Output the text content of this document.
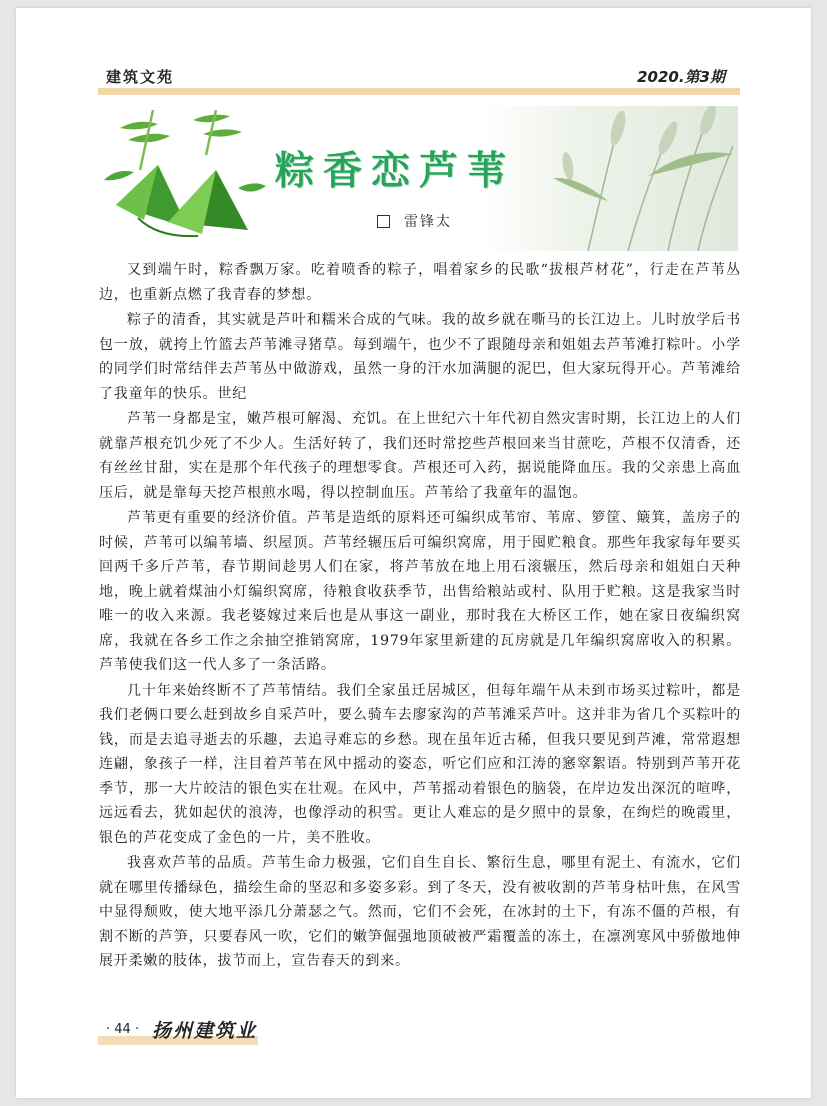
建筑文苑	2020.第3期
粽香恋芦苇
雷锋太

又到端午时，粽香飘万家。吃着喷香的粽子，唱着家乡的民歌“拔根芦材花”，行走在芦苇丛边，也重新点燃了我青春的梦想。

粽子的清香，其实就是芦叶和糯米合成的气味。我的故乡就在嘶马的长江边上。儿时放学后书包一放，就挎上竹篮去芦苇滩寻猪草。每到端午，也少不了跟随母亲和姐姐去芦苇滩打粽叶。小学的同学们时常结伴去芦苇丛中做游戏，虽然一身的汗水加满腿的泥巴，但大家玩得开心。芦苇滩给了我童年的快乐。世纪

芦苇一身都是宝，嫩芦根可解渴、充饥。在上世纪六十年代初自然灾害时期，长江边上的人们就靠芦根充饥少死了不少人。生活好转了，我们还时常挖些芦根回来当甘蔗吃，芦根不仅清香，还有丝丝甘甜，实在是那个年代孩子的理想零食。芦根还可入药，据说能降血压。我的父亲患上高血压后，就是靠每天挖芦根煎水喝，得以控制血压。芦苇给了我童年的温饱。

芦苇更有重要的经济价值。芦苇是造纸的原料还可编织成苇帘、苇席、箩筐、簸箕，盖房子的时候，芦苇可以编苇墙、织屋顶。芦苇经辗压后可编织窝席，用于囤贮粮食。那些年我家每年要买回两千多斤芦苇，春节期间趁男人们在家，将芦苇放在地上用石滚辗压，然后母亲和姐姐白天种地，晚上就着煤油小灯编织窝席，待粮食收获季节，出售给粮站或村、队用于贮粮。这是我家当时唯一的收入来源。我老婆嫁过来后也是从事这一副业，那时我在大桥区工作，她在家日夜编织窝席，我就在各乡工作之余抽空推销窝席，1979年家里新建的瓦房就是几年编织窝席收入的积累。芦苇使我们这一代人多了一条活路。

几十年来始终断不了芦苇情结。我们全家虽迁居城区，但每年端午从未到市场买过粽叶，都是我们老俩口要么赶到故乡自采芦叶，要么骑车去廖家沟的芦苇滩采芦叶。这并非为省几个买粽叶的钱，而是去追寻逝去的乐趣，去追寻难忘的乡愁。现在虽年近古稀，但我只要见到芦滩，常常遐想连翩，象孩子一样，注目着芦苇在风中摇动的姿态，听它们应和江涛的窸窣絮语。特别到芦苇开花季节，那一大片皎洁的银色实在壮观。在风中，芦苇摇动着银色的脑袋，在岸边发出深沉的喧哗，远远看去，犹如起伏的浪涛，也像浮动的积雪。更让人难忘的是夕照中的景象，在绚烂的晚霞里，银色的芦花变成了金色的一片，美不胜收。

我喜欢芦苇的品质。芦苇生命力极强，它们自生自长、繁衍生息，哪里有泥土、有流水，它们就在哪里传播绿色，描绘生命的坚忍和多姿多彩。到了冬天，没有被收割的芦苇身枯叶焦，在风雪中显得颓败，使大地平添几分萧瑟之气。然而，它们不会死，在冰封的土下，有冻不僵的芦根，有割不断的芦笋，只要春风一吹，它们的嫩笋倔强地顶破被严霜覆盖的冻土，在凛冽寒风中骄傲地伸展开柔嫩的肢体，拔节而上，宣告春天的到来。

· 44 · 扬州建筑业
